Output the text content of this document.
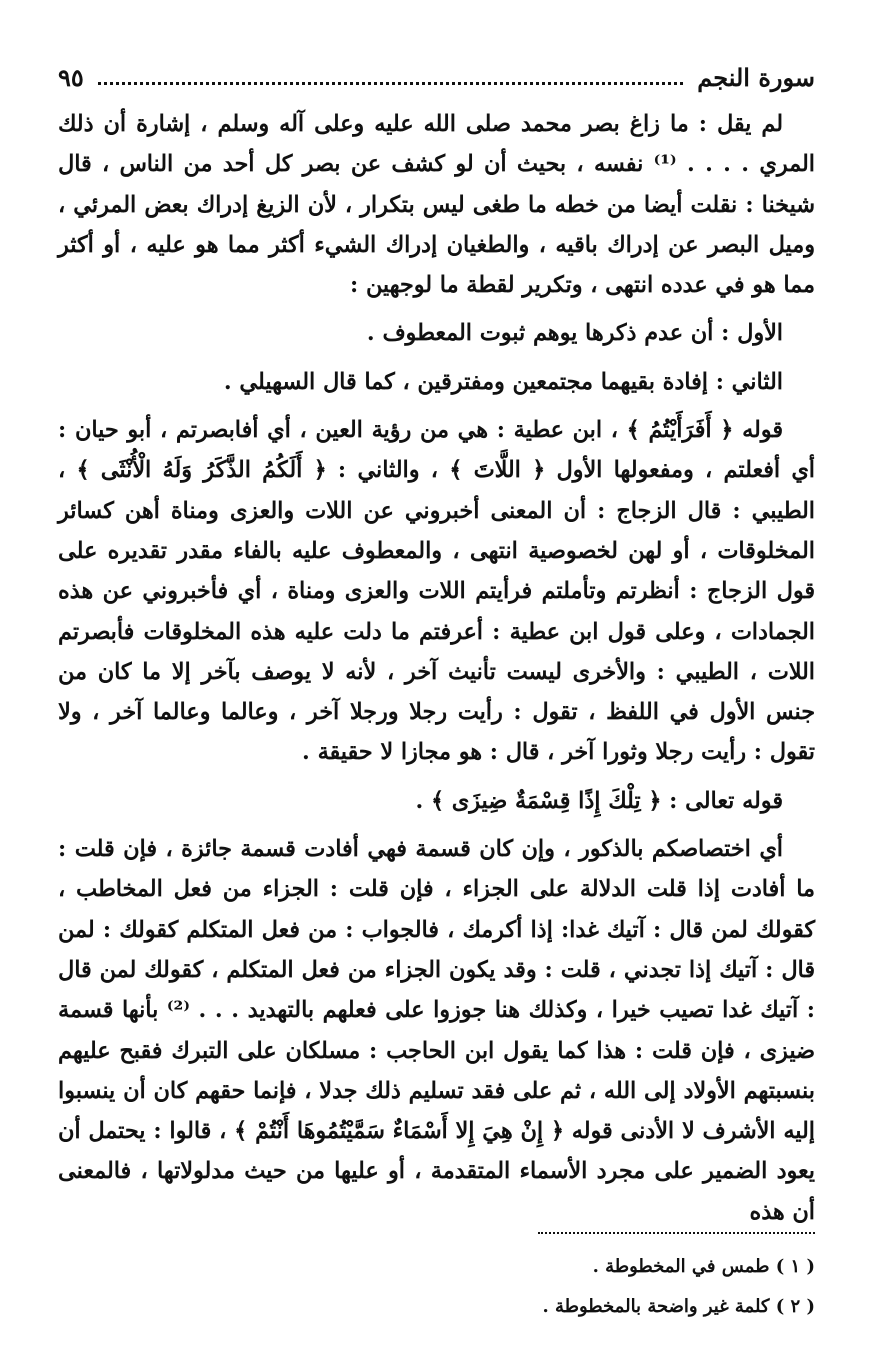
سورة النجم
٩٥

لم يقل : ما زاغ بصر محمد صلى الله عليه وعلى آله وسلم ، إشارة أن ذلك المري . . . . ⁽¹⁾ نفسه ، بحيث أن لو كشف عن بصر كل أحد من الناس ، قال شيخنا : نقلت أيضا من خطه ما طغى ليس بتكرار ، لأن الزيغ إدراك بعض المرئي ، وميل البصر عن إدراك باقيه ، والطغيان إدراك الشيء أكثر مما هو عليه ، أو أكثر مما هو في عدده انتهى ، وتكرير لقطة ما لوجهين :

الأول : أن عدم ذكرها يوهم ثبوت المعطوف .

الثاني : إفادة بقيهما مجتمعين ومفترقين ، كما قال السهيلي .

قوله ﴿ أَفَرَأَيْتُمُ ﴾ ، ابن عطية : هي من رؤية العين ، أي أفابصرتم ، أبو حيان : أي أفعلتم ، ومفعولها الأول ﴿ اللَّاتَ ﴾ ، والثاني : ﴿ أَلَكُمُ الذَّكَرُ وَلَهُ الْأُنْثَى ﴾ ، الطيبي : قال الزجاج : أن المعنى أخبروني عن اللات والعزى ومناة أهن كسائر المخلوقات ، أو لهن لخصوصية انتهى ، والمعطوف عليه بالفاء مقدر تقديره على قول الزجاج : أنظرتم وتأملتم فرأيتم اللات والعزى ومناة ، أي فأخبروني عن هذه الجمادات ، وعلى قول ابن عطية : أعرفتم ما دلت عليه هذه المخلوقات فأبصرتم اللات ، الطيبي : والأخرى ليست تأنيث آخر ، لأنه لا يوصف بآخر إلا ما كان من جنس الأول في اللفظ ، تقول : رأيت رجلا ورجلا آخر ، وعالما وعالما آخر ، ولا تقول : رأيت رجلا وثورا آخر ، قال : هو مجازا لا حقيقة .

قوله تعالى : ﴿ تِلْكَ إِذًا قِسْمَةٌ ضِيزَى ﴾ .

أي اختصاصكم بالذكور ، وإن كان قسمة فهي أفادت قسمة جائزة ، فإن قلت : ما أفادت إذا قلت الدلالة على الجزاء ، فإن قلت : الجزاء من فعل المخاطب ، كقولك لمن قال : آتيك غدا: إذا أكرمك ، فالجواب : من فعل المتكلم كقولك : لمن قال : آتيك إذا تجدني ، قلت : وقد يكون الجزاء من فعل المتكلم ، كقولك لمن قال : آتيك غدا تصيب خيرا ، وكذلك هنا جوزوا على فعلهم بالتهديد . . . ⁽²⁾ بأنها قسمة ضيزى ، فإن قلت : هذا كما يقول ابن الحاجب : مسلكان على التبرك فقبح عليهم بنسبتهم الأولاد إلى الله ، ثم على فقد تسليم ذلك جدلا ، فإنما حقهم كان أن ينسبوا إليه الأشرف لا الأدنى قوله ﴿ إِنْ هِيَ إِلا أَسْمَاءٌ سَمَّيْتُمُوهَا أَنْتُمْ ﴾ ، قالوا : يحتمل أن يعود الضمير على مجرد الأسماء المتقدمة ، أو عليها من حيث مدلولاتها ، فالمعنى أن هذه

( ١ ) طمس في المخطوطة .
( ٢ ) كلمة غير واضحة بالمخطوطة .
